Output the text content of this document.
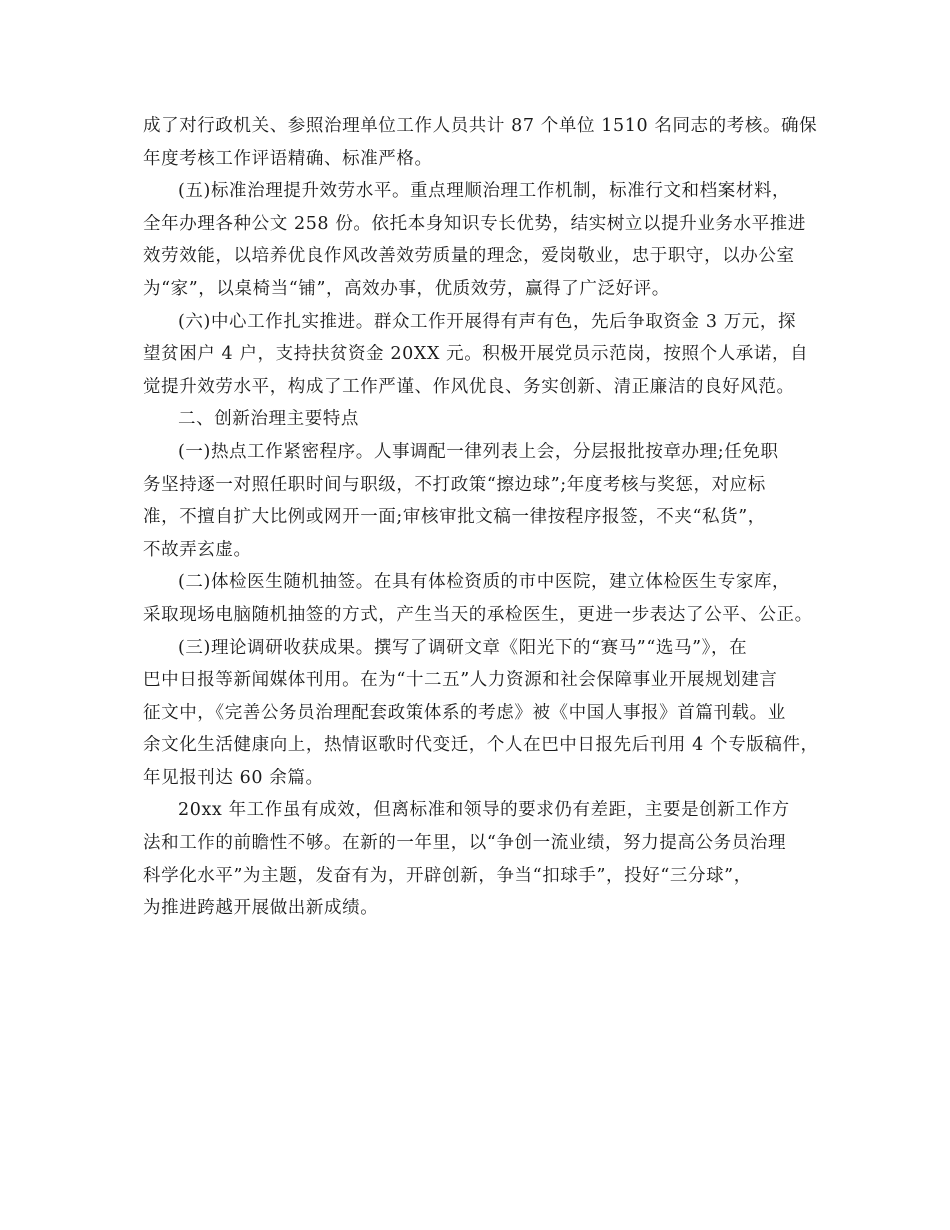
成了对行政机关、参照治理单位工作人员共计 87 个单位 1510 名同志的考核。确保
年度考核工作评语精确、标准严格。
(五)标准治理提升效劳水平。重点理顺治理工作机制，标准行文和档案材料，
全年办理各种公文 258 份。依托本身知识专长优势，结实树立以提升业务水平推进
效劳效能，以培养优良作风改善效劳质量的理念，爱岗敬业，忠于职守，以办公室
为“家”，以桌椅当“铺”，高效办事，优质效劳，赢得了广泛好评。
(六)中心工作扎实推进。群众工作开展得有声有色，先后争取资金 3 万元，探
望贫困户 4 户，支持扶贫资金 20XX 元。积极开展党员示范岗，按照个人承诺，自
觉提升效劳水平，构成了工作严谨、作风优良、务实创新、清正廉洁的良好风范。
二、创新治理主要特点
(一)热点工作紧密程序。人事调配一律列表上会，分层报批按章办理;任免职
务坚持逐一对照任职时间与职级，不打政策“擦边球”;年度考核与奖惩，对应标
准，不擅自扩大比例或网开一面;审核审批文稿一律按程序报签，不夹“私货”，
不故弄玄虚。
(二)体检医生随机抽签。在具有体检资质的市中医院，建立体检医生专家库，
采取现场电脑随机抽签的方式，产生当天的承检医生，更进一步表达了公平、公正。
(三)理论调研收获成果。撰写了调研文章《阳光下的“赛马”“选马”》，在
巴中日报等新闻媒体刊用。在为“十二五”人力资源和社会保障事业开展规划建言
征文中，《完善公务员治理配套政策体系的考虑》被《中国人事报》首篇刊载。业
余文化生活健康向上，热情讴歌时代变迁，个人在巴中日报先后刊用 4 个专版稿件，
年见报刊达 60 余篇。
20xx 年工作虽有成效，但离标准和领导的要求仍有差距，主要是创新工作方
法和工作的前瞻性不够。在新的一年里，以“争创一流业绩，努力提高公务员治理
科学化水平”为主题，发奋有为，开辟创新，争当“扣球手”，投好“三分球”，
为推进跨越开展做出新成绩。
